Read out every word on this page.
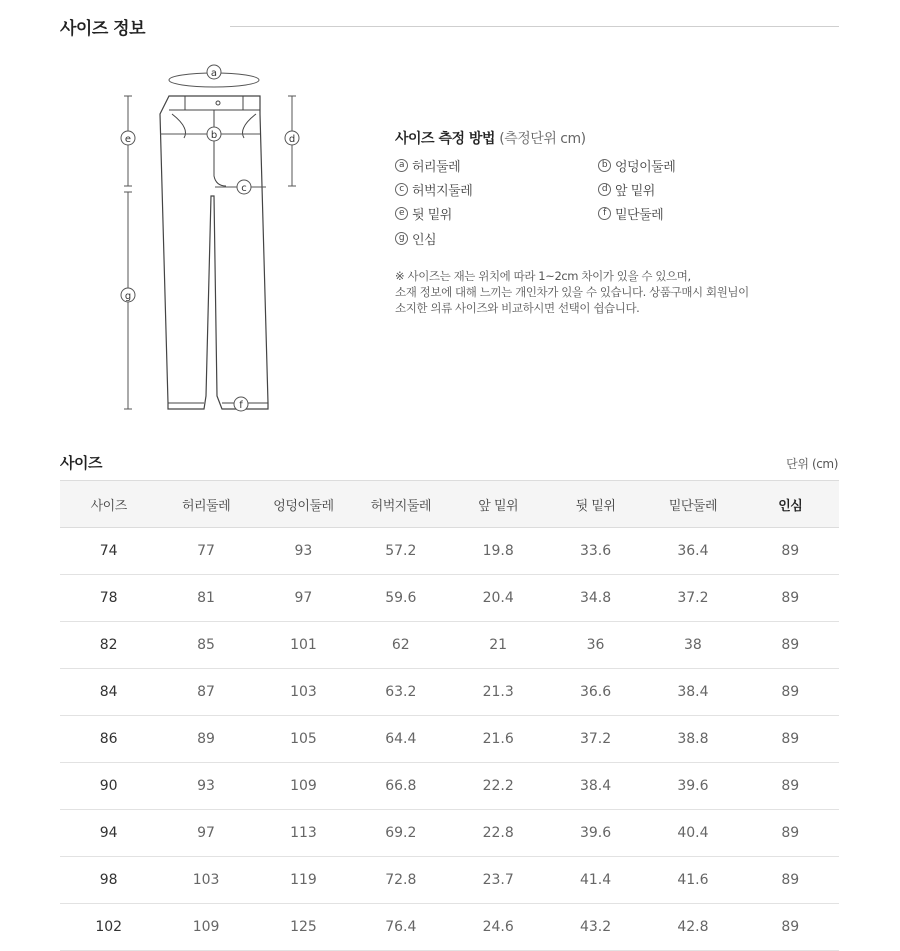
사이즈 정보
a
b
c
d
e
f
g
사이즈 측정 방법 (측정단위 cm)
a 허리둘레	b 엉덩이둘레
c 허벅지둘레	d 앞 밑위
e 뒷 밑위	f 밑단둘레
g 인심
※ 사이즈는 재는 위치에 따라 1~2cm 차이가 있을 수 있으며,
소재 정보에 대해 느끼는 개인차가 있을 수 있습니다. 상품구매시 회원님이
소지한 의류 사이즈와 비교하시면 선택이 쉽습니다.
사이즈	단위 (cm)
사이즈	허리둘레	엉덩이둘레	허벅지둘레	앞 밑위	뒷 밑위	밑단둘레	인심
74	77	93	57.2	19.8	33.6	36.4	89
78	81	97	59.6	20.4	34.8	37.2	89
82	85	101	62	21	36	38	89
84	87	103	63.2	21.3	36.6	38.4	89
86	89	105	64.4	21.6	37.2	38.8	89
90	93	109	66.8	22.2	38.4	39.6	89
94	97	113	69.2	22.8	39.6	40.4	89
98	103	119	72.8	23.7	41.4	41.6	89
102	109	125	76.4	24.6	43.2	42.8	89
